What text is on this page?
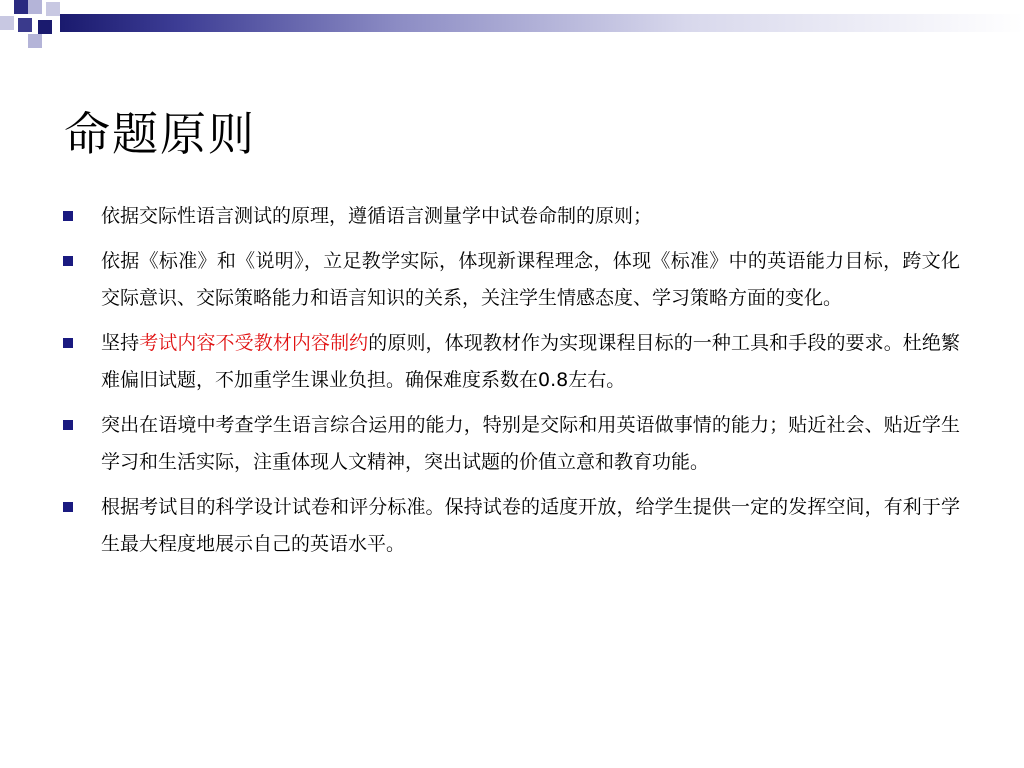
命题原则
依据交际性语言测试的原理，遵循语言测量学中试卷命制的原则；
依据《标准》和《说明》，立足教学实际，体现新课程理念，体现《标准》中的英语能力目标，跨文化交际意识、交际策略能力和语言知识的关系，关注学生情感态度、学习策略方面的变化。
坚持考试内容不受教材内容制约的原则，体现教材作为实现课程目标的一种工具和手段的要求。杜绝繁难偏旧试题，不加重学生课业负担。确保难度系数在0.8左右。
突出在语境中考查学生语言综合运用的能力，特别是交际和用英语做事情的能力；贴近社会、贴近学生学习和生活实际，注重体现人文精神，突出试题的价值立意和教育功能。
根据考试目的科学设计试卷和评分标准。保持试卷的适度开放，给学生提供一定的发挥空间，有利于学生最大程度地展示自己的英语水平。
